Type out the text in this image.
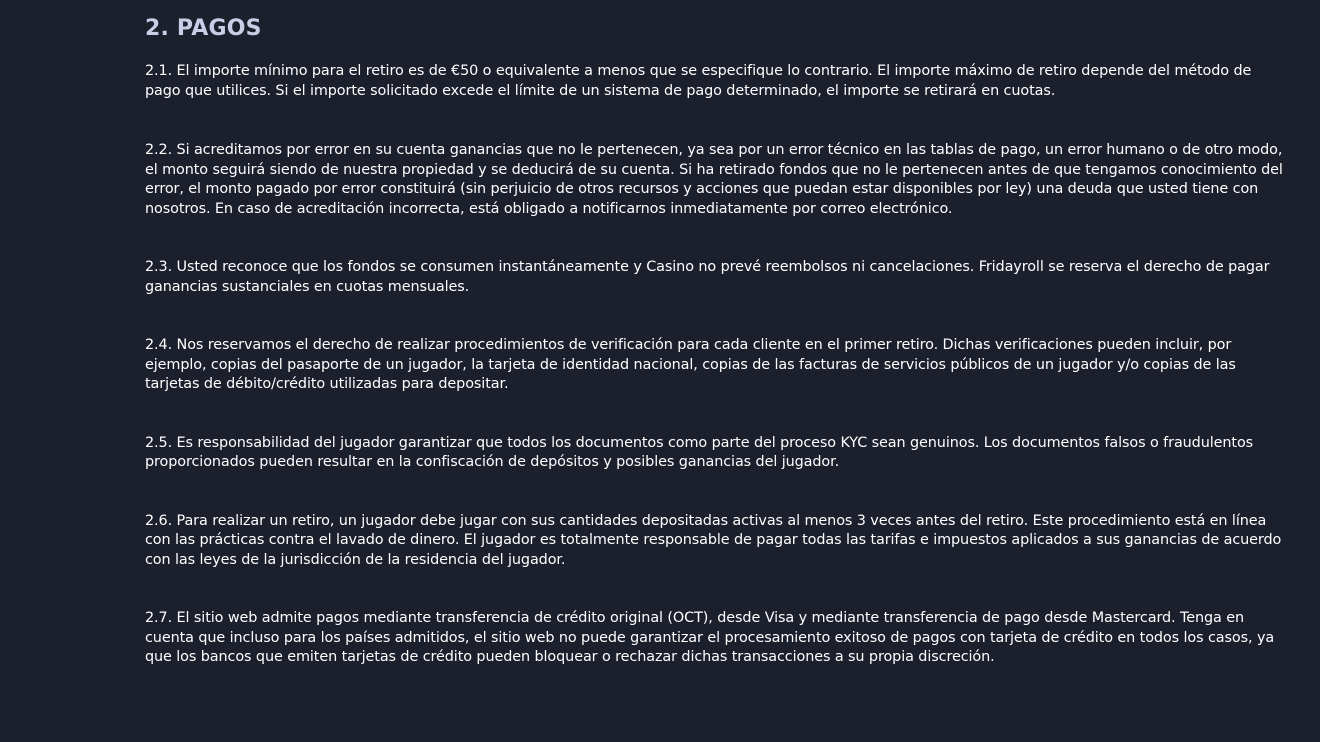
2. PAGOS

2.1. El importe mínimo para el retiro es de €50 o equivalente a menos que se especifique lo contrario. El importe máximo de retiro depende del método de pago que utilices. Si el importe solicitado excede el límite de un sistema de pago determinado, el importe se retirará en cuotas.

2.2. Si acreditamos por error en su cuenta ganancias que no le pertenecen, ya sea por un error técnico en las tablas de pago, un error humano o de otro modo, el monto seguirá siendo de nuestra propiedad y se deducirá de su cuenta. Si ha retirado fondos que no le pertenecen antes de que tengamos conocimiento del error, el monto pagado por error constituirá (sin perjuicio de otros recursos y acciones que puedan estar disponibles por ley) una deuda que usted tiene con nosotros. En caso de acreditación incorrecta, está obligado a notificarnos inmediatamente por correo electrónico.

2.3. Usted reconoce que los fondos se consumen instantáneamente y Casino no prevé reembolsos ni cancelaciones. Fridayroll se reserva el derecho de pagar ganancias sustanciales en cuotas mensuales.

2.4. Nos reservamos el derecho de realizar procedimientos de verificación para cada cliente en el primer retiro. Dichas verificaciones pueden incluir, por ejemplo, copias del pasaporte de un jugador, la tarjeta de identidad nacional, copias de las facturas de servicios públicos de un jugador y/o copias de las tarjetas de débito/crédito utilizadas para depositar.

2.5. Es responsabilidad del jugador garantizar que todos los documentos como parte del proceso KYC sean genuinos. Los documentos falsos o fraudulentos proporcionados pueden resultar en la confiscación de depósitos y posibles ganancias del jugador.

2.6. Para realizar un retiro, un jugador debe jugar con sus cantidades depositadas activas al menos 3 veces antes del retiro. Este procedimiento está en línea con las prácticas contra el lavado de dinero. El jugador es totalmente responsable de pagar todas las tarifas e impuestos aplicados a sus ganancias de acuerdo con las leyes de la jurisdicción de la residencia del jugador.

2.7. El sitio web admite pagos mediante transferencia de crédito original (OCT), desde Visa y mediante transferencia de pago desde Mastercard. Tenga en cuenta que incluso para los países admitidos, el sitio web no puede garantizar el procesamiento exitoso de pagos con tarjeta de crédito en todos los casos, ya que los bancos que emiten tarjetas de crédito pueden bloquear o rechazar dichas transacciones a su propia discreción.
